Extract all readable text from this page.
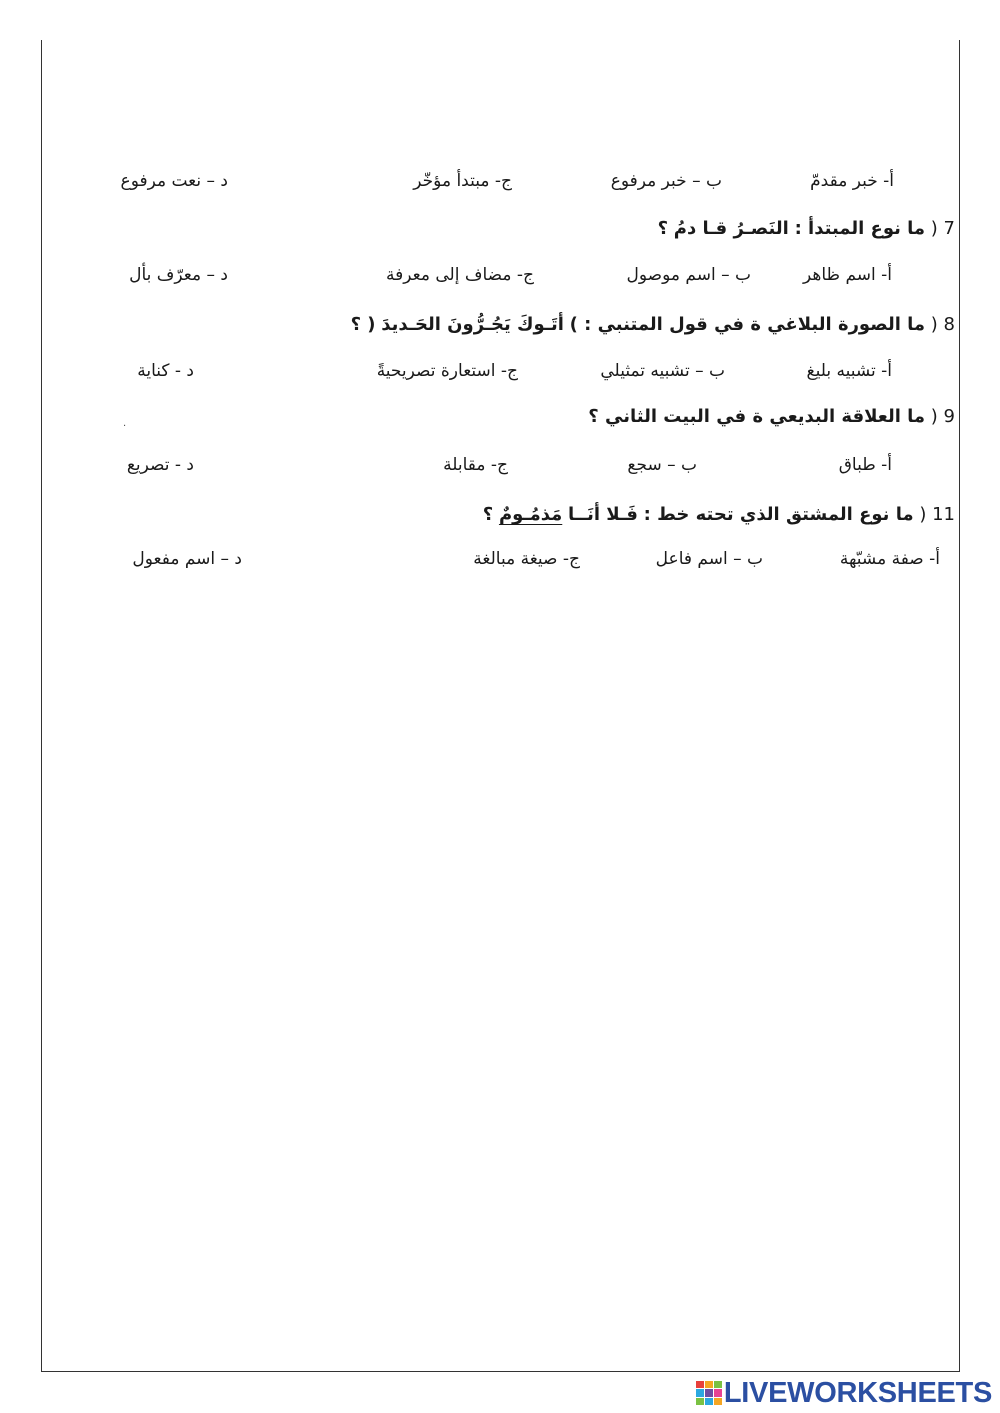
أ- خبر مقدمّ
ب – خبر مرفوع
ج- مبتدأ مؤخّر
د – نعت مرفوع
7 ( ما نوع المبتدأ : النَصـرُ قـا دمُ ؟
أ- اسم ظاهر
ب – اسم موصول
ج- مضاف إلى معرفة
د – معرّف بأل
8 ( ما الصورة البلاغي ة في قول المتنبي : ) أتَـوكَ يَجُـرُّونَ الحَـديدَ ( ؟
أ- تشبيه بليغ
ب – تشبيه تمثيلي
ج- استعارة تصريحيةً
د - كناية
.	9 ( ما العلاقة البديعي ة في البيت الثاني ؟
أ- طباق
ب – سجع
ج- مقابلة
د - تصريع
11 ( ما نوع المشتق الذي تحته خط : فَـلا أنَــا مَذمُـومٌ ؟
أ- صفة مشبّهة
ب – اسم فاعل
ج- صيغة مبالغة
د – اسم مفعول
LIVEWORKSHEETS
